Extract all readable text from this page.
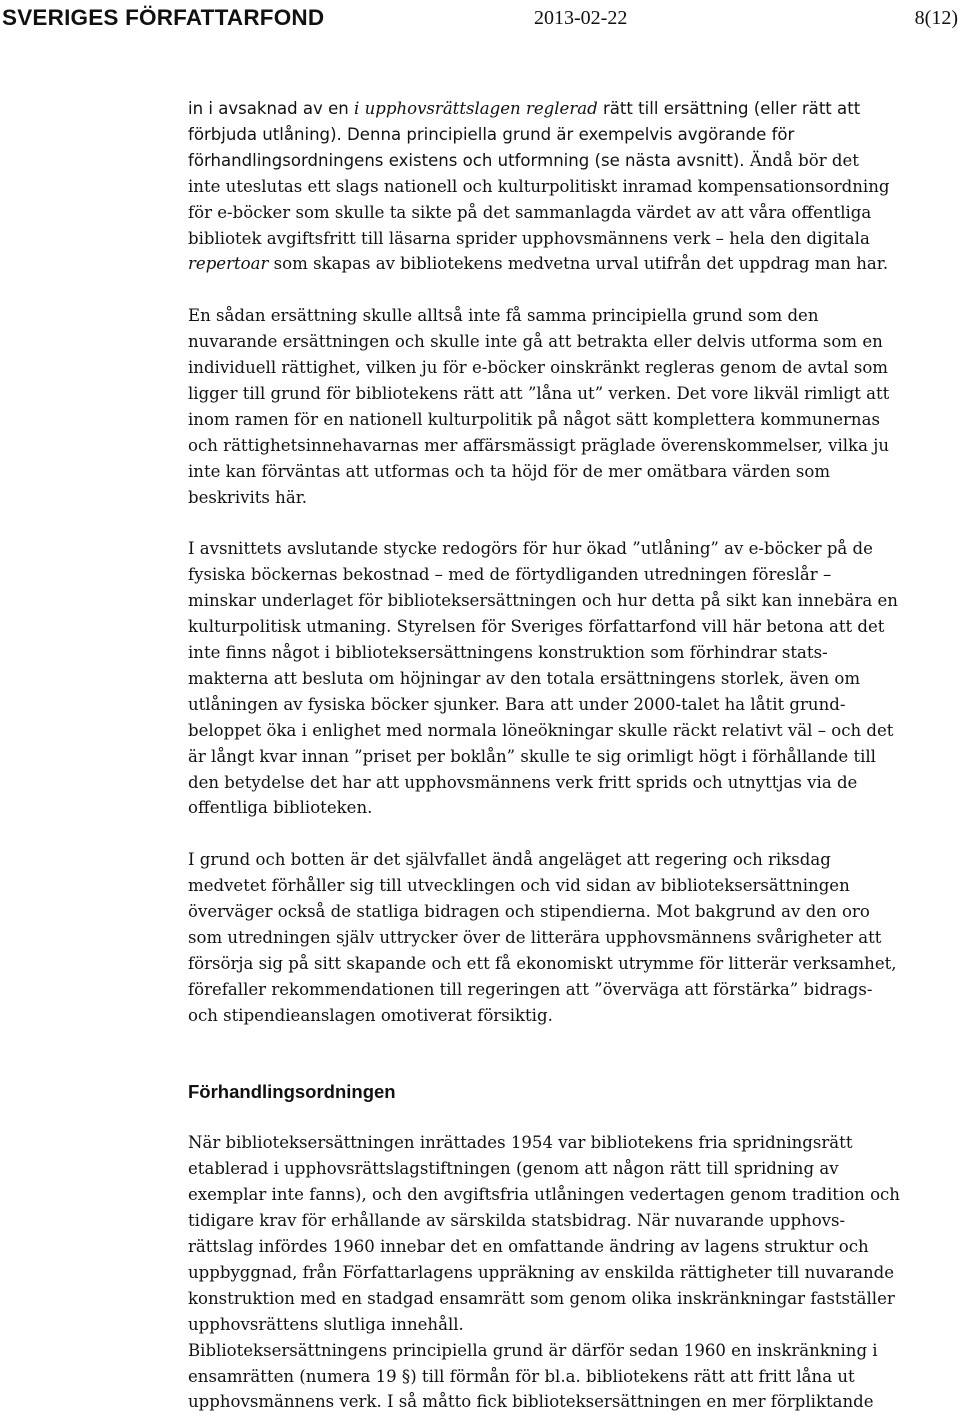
SVERIGES FÖRFATTARFOND	2013-02-22	8(12)

in i avsaknad av en i upphovsrättslagen reglerad rätt till ersättning (eller rätt att
förbjuda utlåning). Denna principiella grund är exempelvis avgörande för
förhandlingsordningens existens och utformning (se nästa avsnitt). Ändå bör det
inte uteslutas ett slags nationell och kulturpolitiskt inramad kompensationsordning
för e-böcker som skulle ta sikte på det sammanlagda värdet av att våra offentliga
bibliotek avgiftsfritt till läsarna sprider upphovsmännens verk – hela den digitala
repertoar som skapas av bibliotekens medvetna urval utifrån det uppdrag man har.

En sådan ersättning skulle alltså inte få samma principiella grund som den
nuvarande ersättningen och skulle inte gå att betrakta eller delvis utforma som en
individuell rättighet, vilken ju för e-böcker oinskränkt regleras genom de avtal som
ligger till grund för bibliotekens rätt att ”låna ut” verken. Det vore likväl rimligt att
inom ramen för en nationell kulturpolitik på något sätt komplettera kommunernas
och rättighetsinnehavarnas mer affärsmässigt präglade överenskommelser, vilka ju
inte kan förväntas att utformas och ta höjd för de mer omätbara värden som
beskrivits här.

I avsnittets avslutande stycke redogörs för hur ökad ”utlåning” av e-böcker på de
fysiska böckernas bekostnad – med de förtydliganden utredningen föreslår –
minskar underlaget för biblioteksersättningen och hur detta på sikt kan innebära en
kulturpolitisk utmaning. Styrelsen för Sveriges författarfond vill här betona att det
inte finns något i biblioteksersättningens konstruktion som förhindrar stats-
makterna att besluta om höjningar av den totala ersättningens storlek, även om
utlåningen av fysiska böcker sjunker. Bara att under 2000-talet ha låtit grund-
beloppet öka i enlighet med normala löneökningar skulle räckt relativt väl – och det
är långt kvar innan ”priset per boklån” skulle te sig orimligt högt i förhållande till
den betydelse det har att upphovsmännens verk fritt sprids och utnyttjas via de
offentliga biblioteken.

I grund och botten är det självfallet ändå angeläget att regering och riksdag
medvetet förhåller sig till utvecklingen och vid sidan av biblioteksersättningen
överväger också de statliga bidragen och stipendierna. Mot bakgrund av den oro
som utredningen själv uttrycker över de litterära upphovsmännens svårigheter att
försörja sig på sitt skapande och ett få ekonomiskt utrymme för litterär verksamhet,
förefaller rekommendationen till regeringen att ”överväga att förstärka” bidrags-
och stipendieanslagen omotiverat försiktig.

Förhandlingsordningen

När biblioteksersättningen inrättades 1954 var bibliotekens fria spridningsrätt
etablerad i upphovsrättslagstiftningen (genom att någon rätt till spridning av
exemplar inte fanns), och den avgiftsfria utlåningen vedertagen genom tradition och
tidigare krav för erhållande av särskilda statsbidrag. När nuvarande upphovs-
rättslag infördes 1960 innebar det en omfattande ändring av lagens struktur och
uppbyggnad, från Författarlagens uppräkning av enskilda rättigheter till nuvarande
konstruktion med en stadgad ensamrätt som genom olika inskränkningar fastställer
upphovsrättens slutliga innehåll.
Biblioteksersättningens principiella grund är därför sedan 1960 en inskränkning i
ensamrätten (numera 19 §) till förmån för bl.a. bibliotekens rätt att fritt låna ut
upphovsmännens verk. I så måtto fick biblioteksersättningen en mer förpliktande
